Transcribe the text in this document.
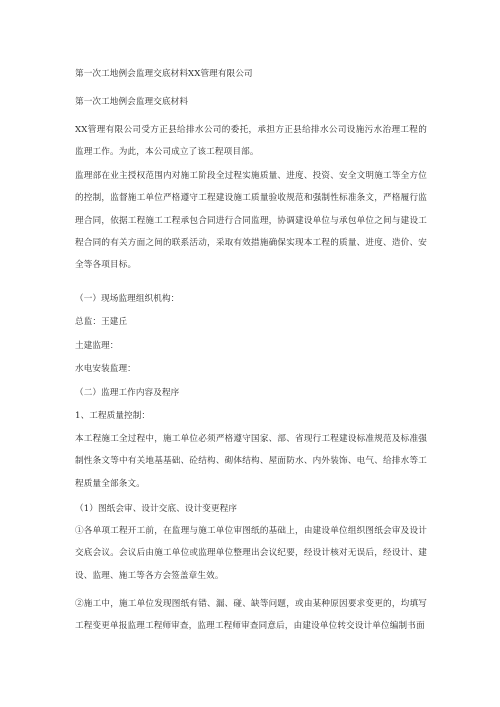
第一次工地例会监理交底材料XX管理有限公司
第一次工地例会监理交底材料
XX管理有限公司受方正县给排水公司的委托，承担方正县给排水公司设施污水治理工程的监理工作。为此，本公司成立了该工程项目部。
监理部在业主授权范围内对施工阶段全过程实施质量、进度、投资、安全文明施工等全方位的控制，监督施工单位严格遵守工程建设施工质量验收规范和强制性标准条文，严格履行监理合同，依据工程施工工程承包合同进行合同监理，协调建设单位与承包单位之间与建设工程合同的有关方面之间的联系活动，采取有效措施确保实现本工程的质量、进度、造价、安全等各项目标。
（一）现场监理组织机构：
总监：王建丘
土建监理：
水电安装监理：
（二）监理工作内容及程序
1、工程质量控制：
本工程施工全过程中，施工单位必须严格遵守国家、部、省现行工程建设标准规范及标准强制性条文等中有关地基基础、砼结构、砌体结构、屋面防水、内外装饰、电气、给排水等工程质量全部条文。
（1）图纸会审、设计交底、设计变更程序
①各单项工程开工前，在监理与施工单位审图纸的基础上，由建设单位组织图纸会审及设计交底会议。会议后由施工单位或监理单位整理出会议纪要，经设计核对无误后，经设计、建设、监理、施工等各方会签盖章生效。
②施工中，施工单位发现图纸有错、漏、碰、缺等问题，或由某种原因要求变更的，均填写工程变更单报监理工程师审查，监理工程师审查同意后，由建设单位转交设计单位编制书面
